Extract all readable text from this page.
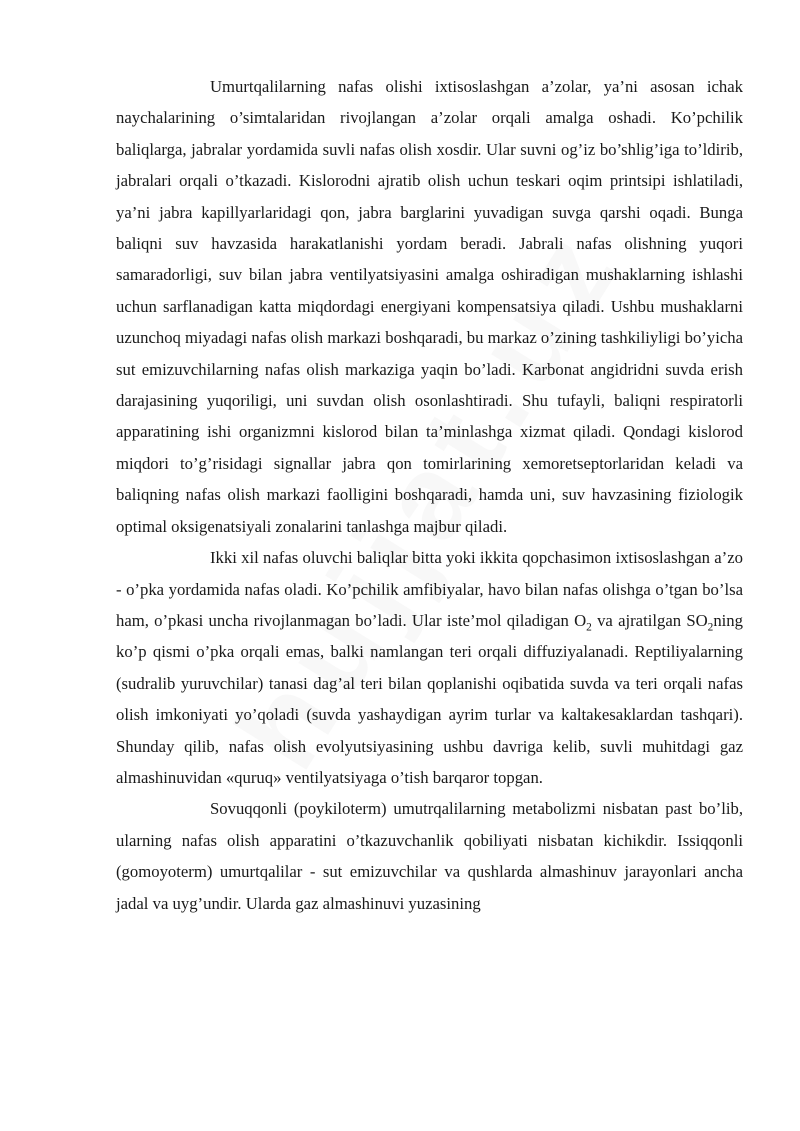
Umurtqalilarning nafas olishi ixtisoslashgan a’zolar, ya’ni asosan ichak naychalarining o’simtalaridan rivojlangan a’zolar orqali amalga oshadi. Ko’pchilik baliqlarga, jabralar yordamida suvli nafas olish xosdir. Ular suvni og’iz bo’shlig’iga to’ldirib, jabralari orqali o’tkazadi. Kislorodni ajratib olish uchun teskari oqim printsipi ishlatiladi, ya’ni jabra kapillyarlaridagi qon, jabra barglarini yuvadigan suvga qarshi oqadi. Bunga baliqni suv havzasida harakatlanishi yordam beradi. Jabrali nafas olishning yuqori samaradorligi, suv bilan jabra ventilyatsiyasini amalga oshiradigan mushaklarning ishlashi uchun sarflanadigan katta miqdordagi energiyani kompensatsiya qiladi. Ushbu mushaklarni uzunchoq miyadagi nafas olish markazi boshqaradi, bu markaz o’zining tashkiliyligi bo’yicha sut emizuvchilarning nafas olish markaziga yaqin bo’ladi. Karbonat angidridni suvda erish darajasining yuqoriligi, uni suvdan olish osonlashtiradi. Shu tufayli, baliqni respiratorli apparatining ishi organizmni kislorod bilan ta’minlashga xizmat qiladi. Qondagi kislorod miqdori to’g’risidagi signallar jabra qon tomirlarining xemoretseptorlaridan keladi va baliqning nafas olish markazi faolligini boshqaradi, hamda uni, suv havzasining fiziologik optimal oksigenatsiyali zonalarini tanlashga majbur qiladi.

Ikki xil nafas oluvchi baliqlar bitta yoki ikkita qopchasimon ixtisoslashgan a’zo - o’pka yordamida nafas oladi. Ko’pchilik amfibiyalar, havo bilan nafas olishga o’tgan bo’lsa ham, o’pkasi uncha rivojlanmagan bo’ladi. Ular iste’mol qiladigan $O_2$ va ajratilgan $SO_2ning$ ko’p qismi o’pka orqali emas, balki namlangan teri orqali diffuziyalanadi. Reptiliyalarning (sudralib yuruvchilar) tanasi dag’al teri bilan qoplanishi oqibatida suvda va teri orqali nafas olish imkoniyati yo’qoladi (suvda yashaydigan ayrim turlar va kaltakesaklardan tashqari). Shunday qilib, nafas olish evolyutsiyasining ushbu davriga kelib, suvli muhitdagi gaz almashinuvidan «quruq» ventilyatsiyaga o’tish barqaror topgan.

Sovuqqonli (poykiloterm) umutrqalilarning metabolizmi nisbatan past bo’lib, ularning nafas olish apparatini o’tkazuvchanlik qobiliyati nisbatan kichikdir. Issiqqonli (gomoyoterm) umurtqalilar - sut emizuvchilar va qushlarda almashinuv jarayonlari ancha jadal va uyg’undir. Ularda gaz almashinuvi yuzasining
